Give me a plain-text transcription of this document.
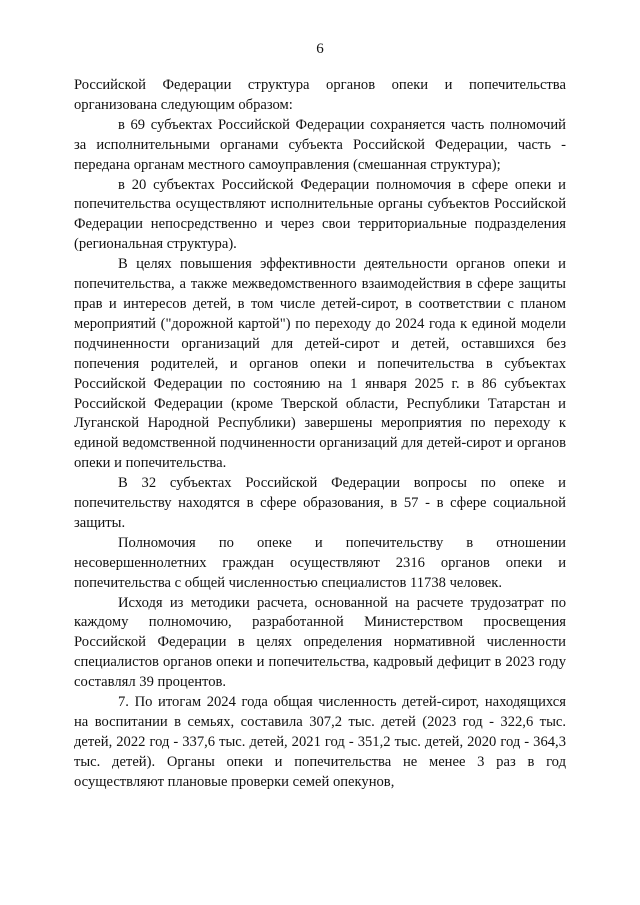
6

Российской Федерации структура органов опеки и попечительства организована следующим образом:

в 69 субъектах Российской Федерации сохраняется часть полномочий за исполнительными органами субъекта Российской Федерации, часть - передана органам местного самоуправления (смешанная структура);

в 20 субъектах Российской Федерации полномочия в сфере опеки и попечительства осуществляют исполнительные органы субъектов Российской Федерации непосредственно и через свои территориальные подразделения (региональная структура).

В целях повышения эффективности деятельности органов опеки и попечительства, а также межведомственного взаимодействия в сфере защиты прав и интересов детей, в том числе детей-сирот, в соответствии с планом мероприятий ("дорожной картой") по переходу до 2024 года к единой модели подчиненности организаций для детей-сирот и детей, оставшихся без попечения родителей, и органов опеки и попечительства в субъектах Российской Федерации по состоянию на 1 января 2025 г. в 86 субъектах Российской Федерации (кроме Тверской области, Республики Татарстан и Луганской Народной Республики) завершены мероприятия по переходу к единой ведомственной подчиненности организаций для детей-сирот и органов опеки и попечительства.

В 32 субъектах Российской Федерации вопросы по опеке и попечительству находятся в сфере образования, в 57 - в сфере социальной защиты.

Полномочия по опеке и попечительству в отношении несовершеннолетних граждан осуществляют 2316 органов опеки и попечительства с общей численностью специалистов 11738 человек.

Исходя из методики расчета, основанной на расчете трудозатрат по каждому полномочию, разработанной Министерством просвещения Российской Федерации в целях определения нормативной численности специалистов органов опеки и попечительства, кадровый дефицит в 2023 году составлял 39 процентов.

7. По итогам 2024 года общая численность детей-сирот, находящихся на воспитании в семьях, составила 307,2 тыс. детей (2023 год - 322,6 тыс. детей, 2022 год - 337,6 тыс. детей, 2021 год - 351,2 тыс. детей, 2020 год - 364,3 тыс. детей). Органы опеки и попечительства не менее 3 раз в год осуществляют плановые проверки семей опекунов,
